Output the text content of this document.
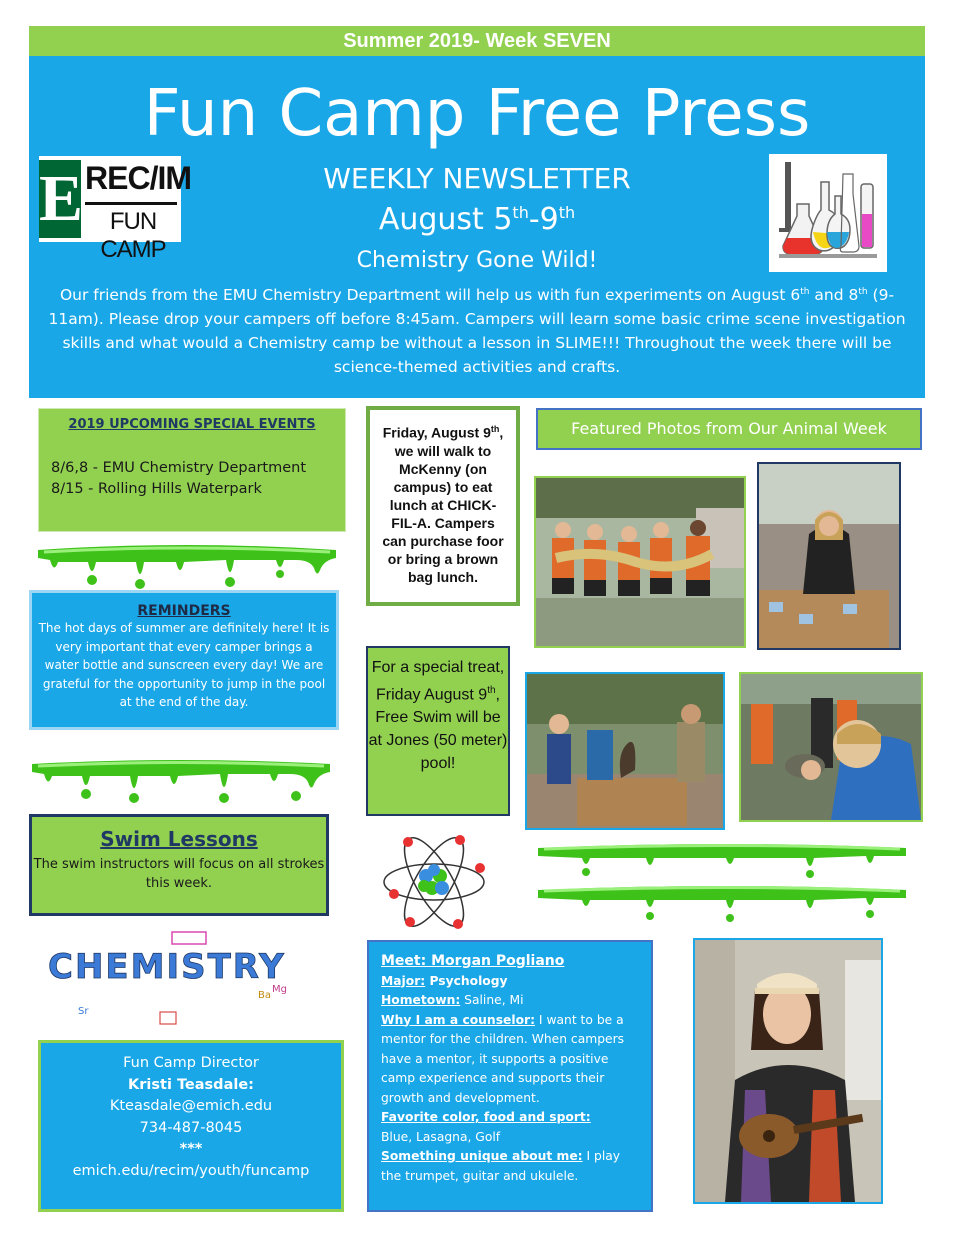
Summer 2019- Week SEVEN
Fun Camp Free Press
E REC/IM
FUN CAMP
WEEKLY NEWSLETTER
August 5th-9th
Chemistry Gone Wild!
Our friends from the EMU Chemistry Department will help us with fun experiments on August 6th and 8th (9-11am). Please drop your campers off before 8:45am. Campers will learn some basic crime scene investigation skills and what would a Chemistry camp be without a lesson in SLIME!!! Throughout the week there will be science-themed activities and crafts.
2019 UPCOMING SPECIAL EVENTS
8/6,8 - EMU Chemistry Department
8/15 - Rolling Hills Waterpark
REMINDERS
The hot days of summer are definitely here! It is very important that every camper brings a water bottle and sunscreen every day! We are grateful for the opportunity to jump in the pool at the end of the day.
Swim Lessons
The swim instructors will focus on all strokes this week.
CHEMISTRY
Sr
Ba
Mg
Fun Camp Director
Kristi Teasdale:
Kteasdale@emich.edu
734-487-8045
***
emich.edu/recim/youth/funcamp
Friday, August 9th, we will walk to McKenny (on campus) to eat lunch at CHICK-FIL-A. Campers can purchase foor or bring a brown bag lunch.
For a special treat, Friday August 9th, Free Swim will be at Jones (50 meter) pool!
Featured Photos from Our Animal Week
Meet: Morgan Pogliano
Major: Psychology
Hometown: Saline, Mi
Why I am a counselor: I want to be a mentor for the children. When campers have a mentor, it supports a positive camp experience and supports their growth and development.
Favorite color, food and sport:
Blue, Lasagna, Golf
Something unique about me: I play the trumpet, guitar and ukulele.
